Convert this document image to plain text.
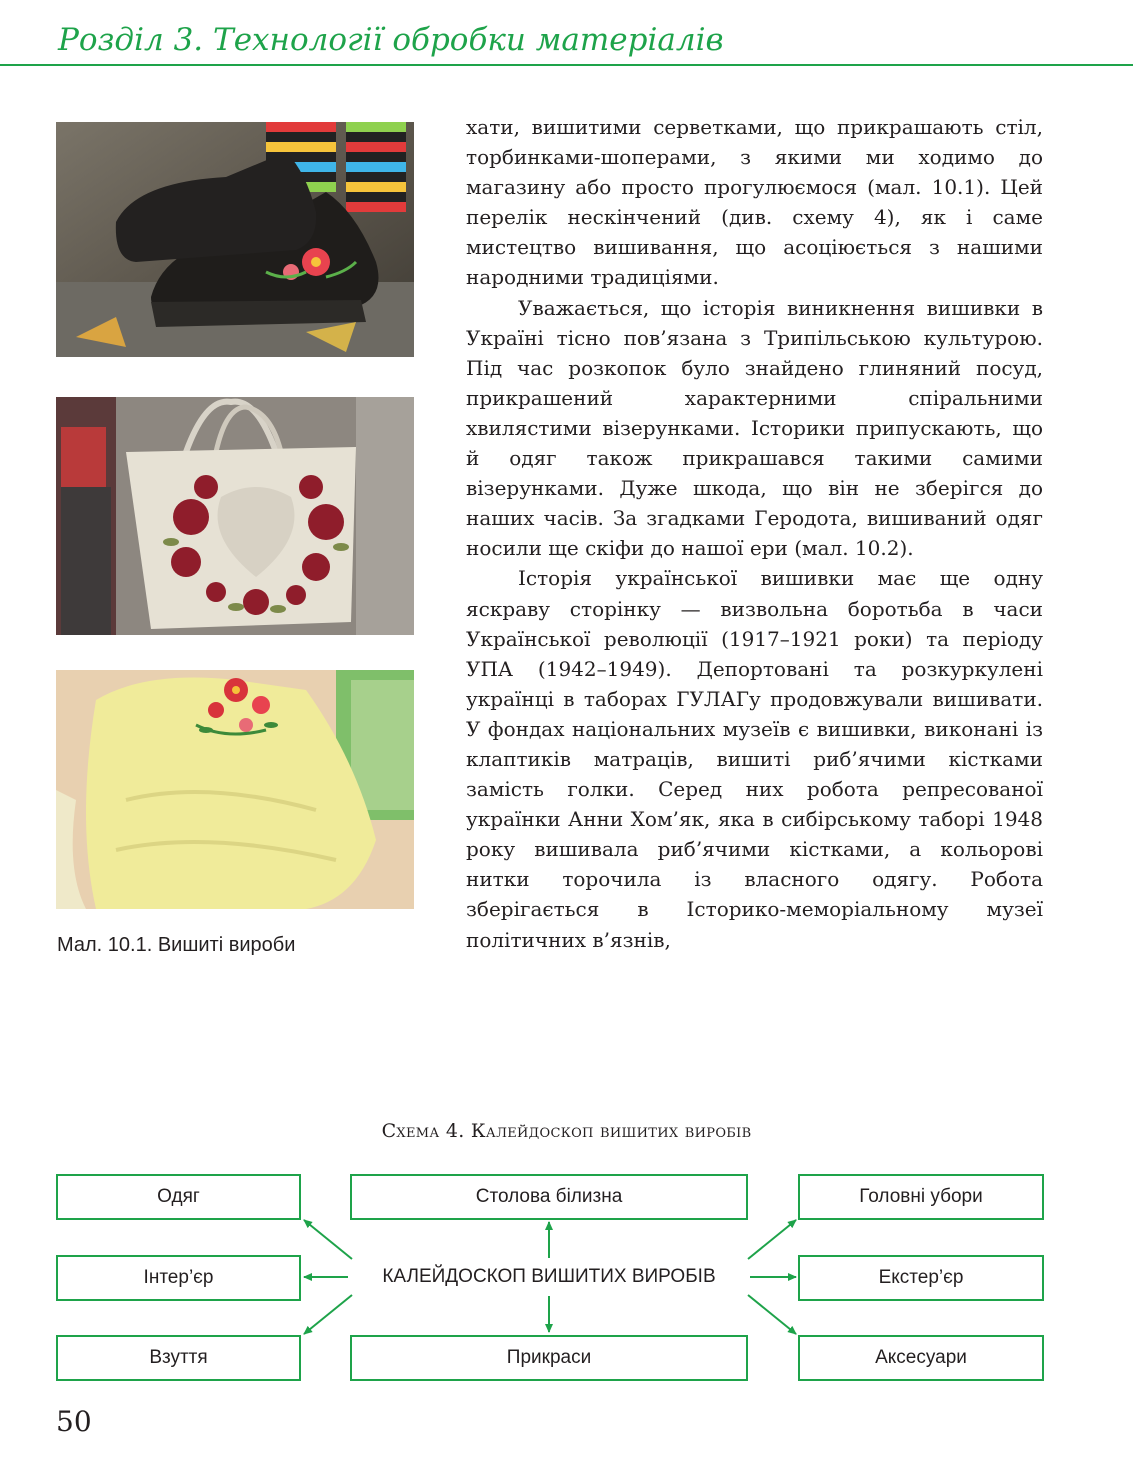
Розділ 3. Технології обробки матеріалів
Мал. 10.1. Вишиті вироби

хати, вишитими серветками, що прикрашають стіл, торбинками-шоперами, з якими ми ходимо до магазину або просто прогулюємося (мал. 10.1). Цей перелік нескінчений (див. схему 4), як і саме мистецтво вишивання, що асоціюється з нашими народними традиціями.

Уважається, що історія виникнення вишивки в Україні тісно пов’язана з Трипільською культурою. Під час розкопок було знайдено глиняний посуд, прикрашений характерними спіральними хвилястими візерунками. Історики припускають, що й одяг також прикрашався такими самими візерунками. Дуже шкода, що він не зберігся до наших часів. За згадками Геродота, вишиваний одяг носили ще скіфи до нашої ери (мал. 10.2).

Історія української вишивки має ще одну яскраву сторінку — визвольна боротьба в часи Української революції (1917–1921 роки) та періоду УПА (1942–1949). Депортовані та розкуркулені українці в таборах ГУЛАГу продовжували вишивати. У фондах національних музеїв є вишивки, виконані із клаптиків матраців, вишиті риб’ячими кістками замість голки. Серед них робота репресованої українки Анни Хом’як, яка в сибірському таборі 1948 року вишивала риб’ячими кістками, а кольорові нитки торочила із власного одягу. Робота зберігається в Історико-меморіальному музеї політичних в’язнів,

Схема 4. Калейдоскоп вишитих виробів
Одяг	Столова білизна	Головні убори
Інтер’єр	КАЛЕЙДОСКОП ВИШИТИХ ВИРОБІВ	Екстер’єр
Взуття	Прикраси	Аксесуари
50
